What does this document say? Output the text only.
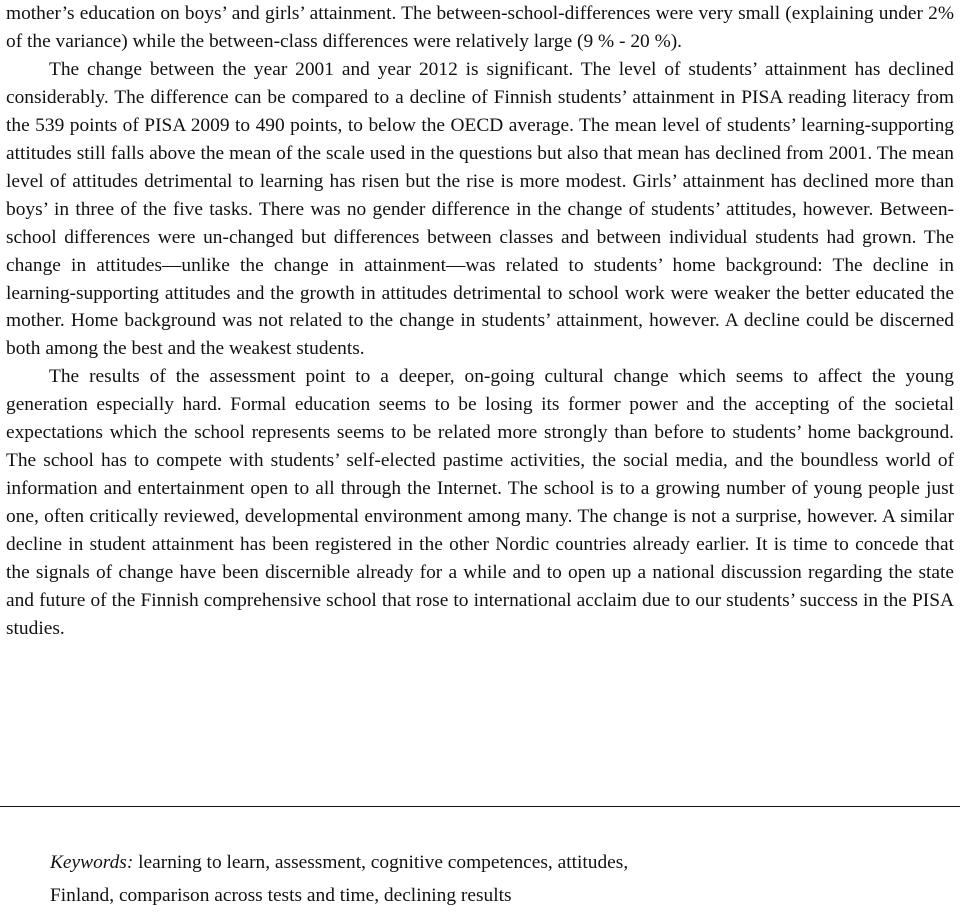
mother’s education on boys’ and girls’ attainment. The between-school-differences were very small (explaining under 2% of the variance) while the between-class differences were relatively large (9 % - 20 %).

The change between the year 2001 and year 2012 is significant. The level of students’ attainment has declined considerably. The difference can be compared to a decline of Finnish students’ attainment in PISA reading literacy from the 539 points of PISA 2009 to 490 points, to below the OECD average. The mean level of students’ learning-supporting attitudes still falls above the mean of the scale used in the questions but also that mean has declined from 2001. The mean level of attitudes detrimental to learning has risen but the rise is more modest. Girls’ attainment has declined more than boys’ in three of the five tasks. There was no gender difference in the change of students’ attitudes, however. Between-school differences were un-changed but differences between classes and between individual students had grown. The change in attitudes—unlike the change in attainment—was related to students’ home background: The decline in learning-supporting attitudes and the growth in attitudes detrimental to school work were weaker the better educated the mother. Home background was not related to the change in students’ attainment, however. A decline could be discerned both among the best and the weakest students.

The results of the assessment point to a deeper, on-going cultural change which seems to affect the young generation especially hard. Formal education seems to be losing its former power and the accepting of the societal expectations which the school represents seems to be related more strongly than before to students’ home background. The school has to compete with students’ self-elected pastime activities, the social media, and the boundless world of information and entertainment open to all through the Internet. The school is to a growing number of young people just one, often critically reviewed, developmental environment among many. The change is not a surprise, however. A similar decline in student attainment has been registered in the other Nordic countries already earlier. It is time to concede that the signals of change have been discernible already for a while and to open up a national discussion regarding the state and future of the Finnish comprehensive school that rose to international acclaim due to our students’ success in the PISA studies.

Keywords: learning to learn, assessment, cognitive competences, attitudes,
Finland, comparison across tests and time, declining results
